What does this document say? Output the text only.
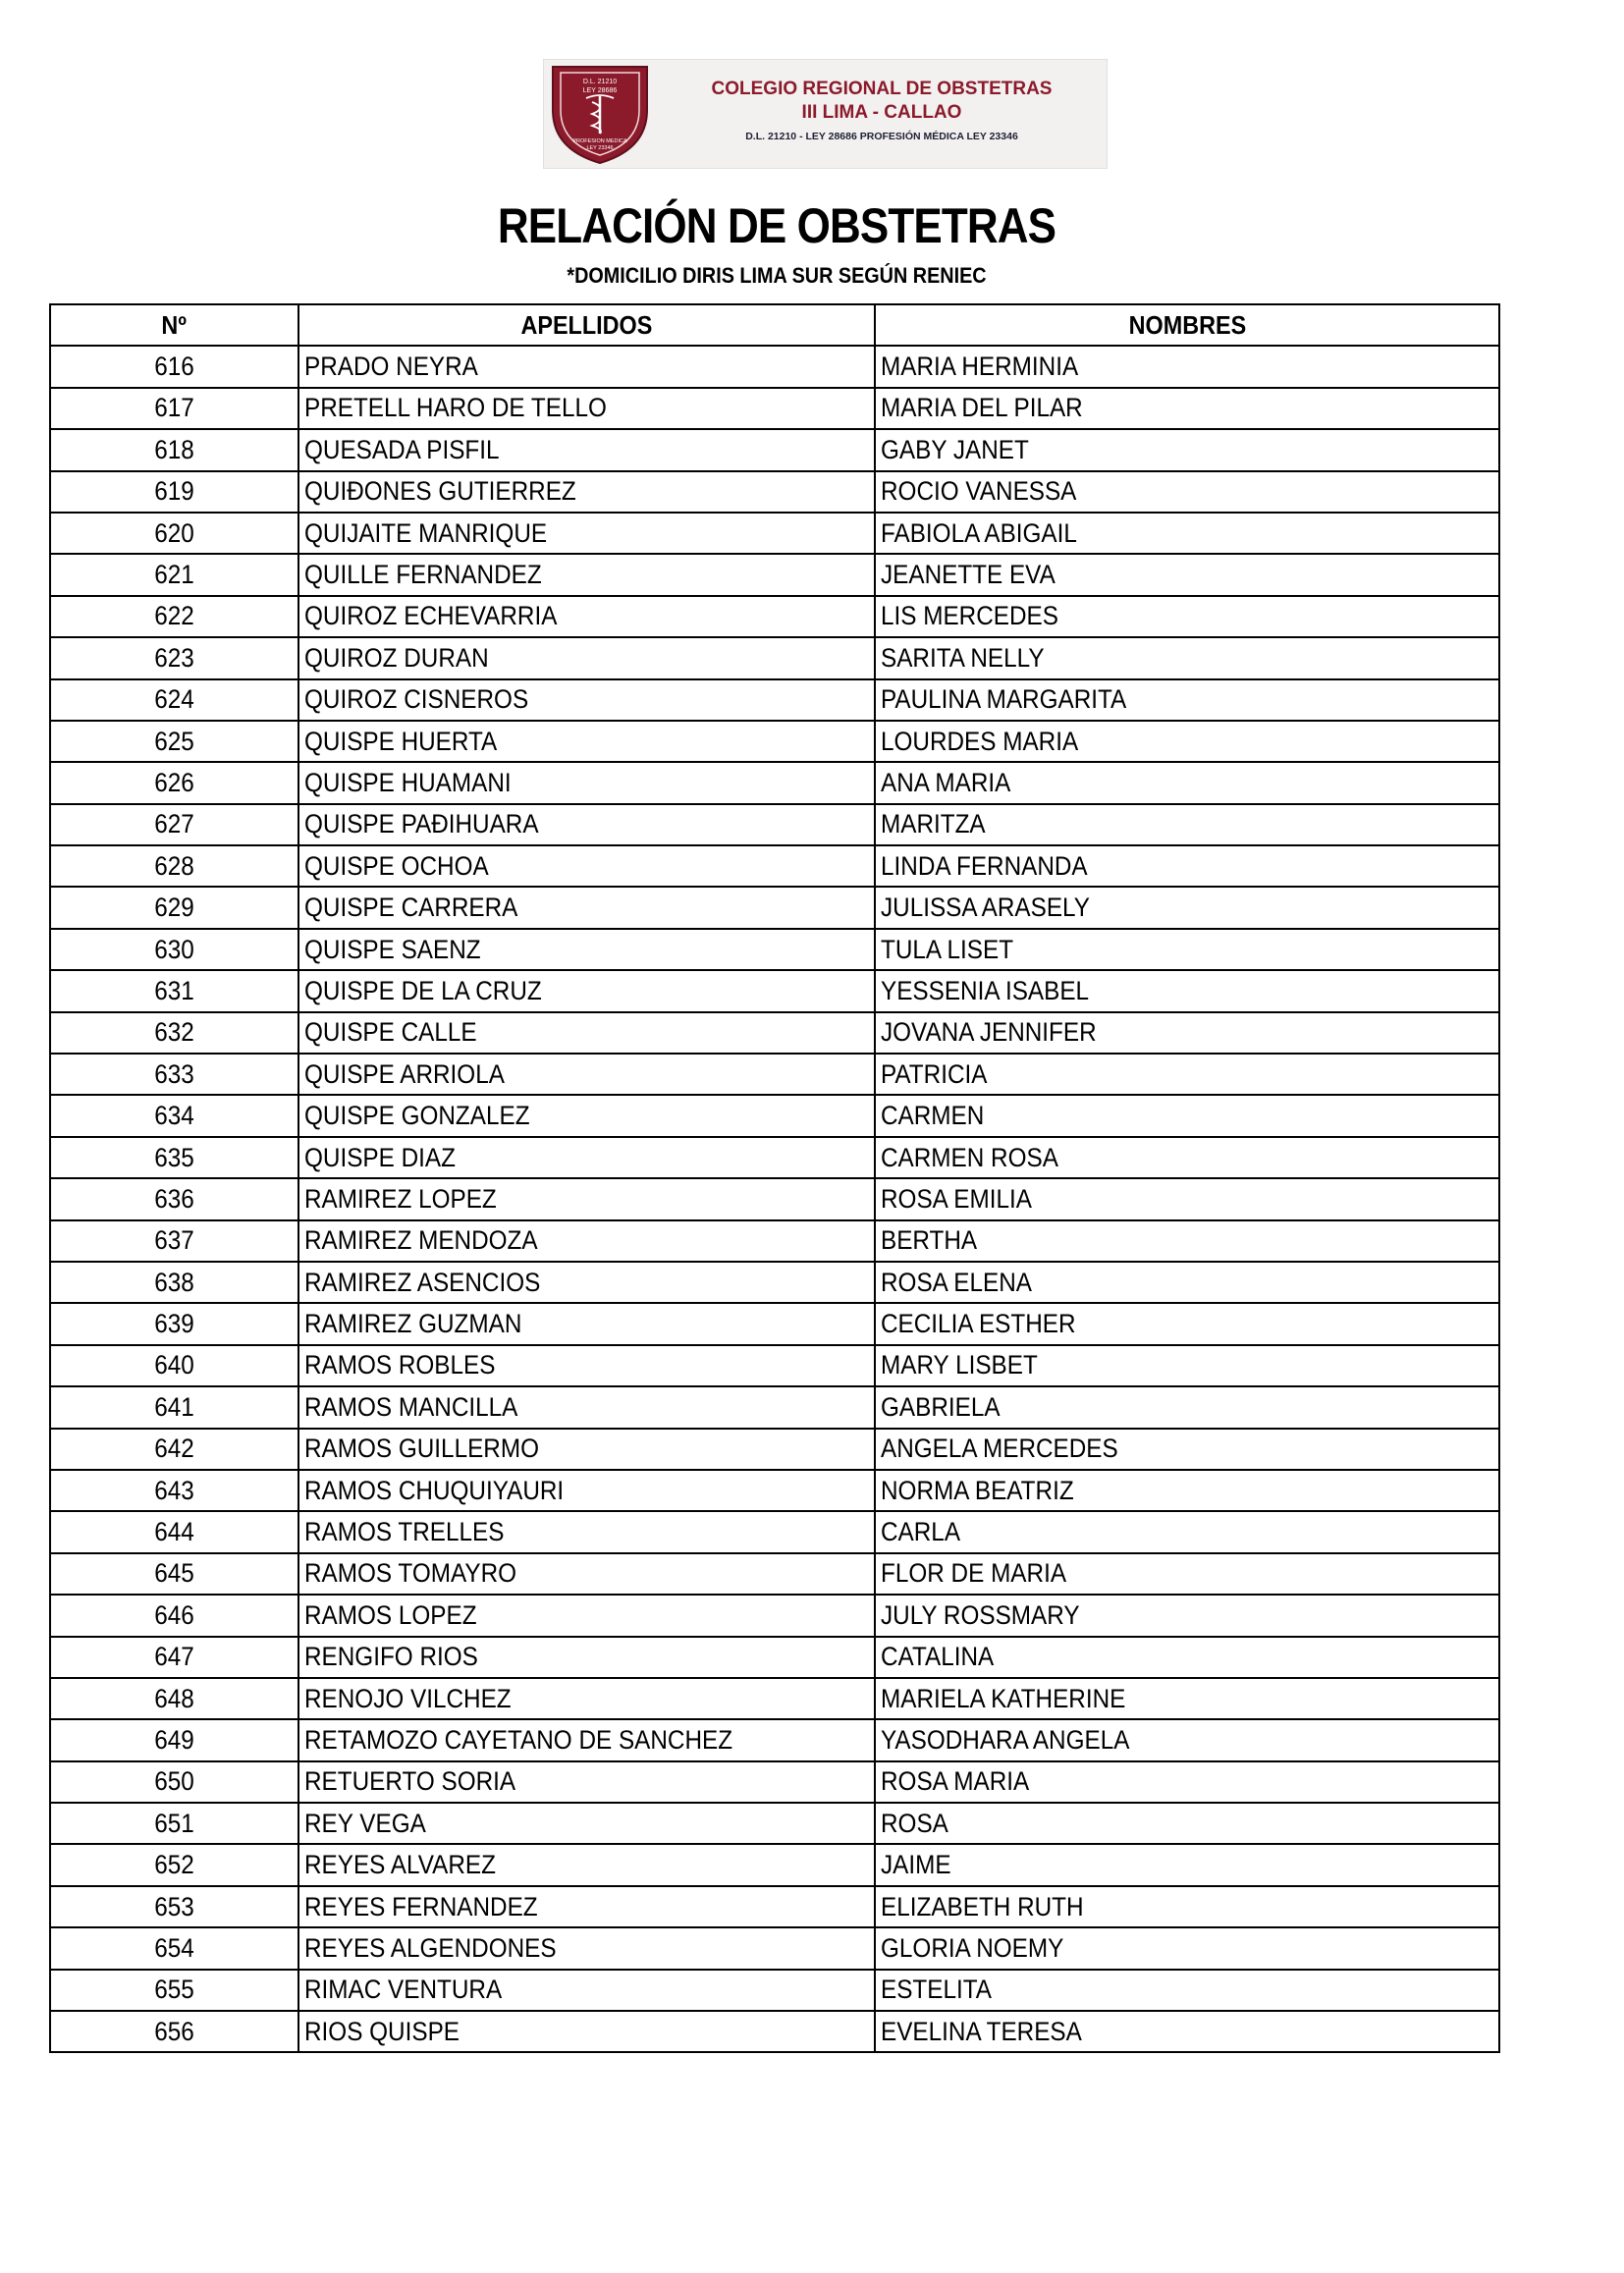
D.L. 21210
LEY 28686
PROFESION MEDICA
LEY 23346
COLEGIO REGIONAL DE OBSTETRAS
III LIMA - CALLAO
D.L. 21210 - LEY 28686 PROFESIÓN MÉDICA LEY 23346
RELACIÓN DE OBSTETRAS
*DOMICILIO DIRIS LIMA SUR SEGÚN RENIEC
Nº	APELLIDOS	NOMBRES
616	PRADO NEYRA	MARIA HERMINIA
617	PRETELL HARO DE TELLO	MARIA DEL PILAR
618	QUESADA PISFIL	GABY JANET
619	QUIÐONES GUTIERREZ	ROCIO VANESSA
620	QUIJAITE MANRIQUE	FABIOLA ABIGAIL
621	QUILLE FERNANDEZ	JEANETTE EVA
622	QUIROZ ECHEVARRIA	LIS MERCEDES
623	QUIROZ DURAN	SARITA NELLY
624	QUIROZ CISNEROS	PAULINA MARGARITA
625	QUISPE HUERTA	LOURDES MARIA
626	QUISPE HUAMANI	ANA MARIA
627	QUISPE PAÐIHUARA	MARITZA
628	QUISPE OCHOA	LINDA FERNANDA
629	QUISPE CARRERA	JULISSA ARASELY
630	QUISPE SAENZ	TULA LISET
631	QUISPE DE LA CRUZ	YESSENIA ISABEL
632	QUISPE CALLE	JOVANA JENNIFER
633	QUISPE ARRIOLA	PATRICIA
634	QUISPE GONZALEZ	CARMEN
635	QUISPE DIAZ	CARMEN ROSA
636	RAMIREZ LOPEZ	ROSA EMILIA
637	RAMIREZ MENDOZA	BERTHA
638	RAMIREZ ASENCIOS	ROSA ELENA
639	RAMIREZ GUZMAN	CECILIA ESTHER
640	RAMOS ROBLES	MARY LISBET
641	RAMOS MANCILLA	GABRIELA
642	RAMOS GUILLERMO	ANGELA MERCEDES
643	RAMOS CHUQUIYAURI	NORMA BEATRIZ
644	RAMOS TRELLES	CARLA
645	RAMOS TOMAYRO	FLOR DE MARIA
646	RAMOS LOPEZ	JULY ROSSMARY
647	RENGIFO RIOS	CATALINA
648	RENOJO VILCHEZ	MARIELA KATHERINE
649	RETAMOZO CAYETANO DE SANCHEZ	YASODHARA ANGELA
650	RETUERTO SORIA	ROSA MARIA
651	REY VEGA	ROSA
652	REYES ALVAREZ	JAIME
653	REYES FERNANDEZ	ELIZABETH RUTH
654	REYES ALGENDONES	GLORIA NOEMY
655	RIMAC VENTURA	ESTELITA
656	RIOS QUISPE	EVELINA TERESA
